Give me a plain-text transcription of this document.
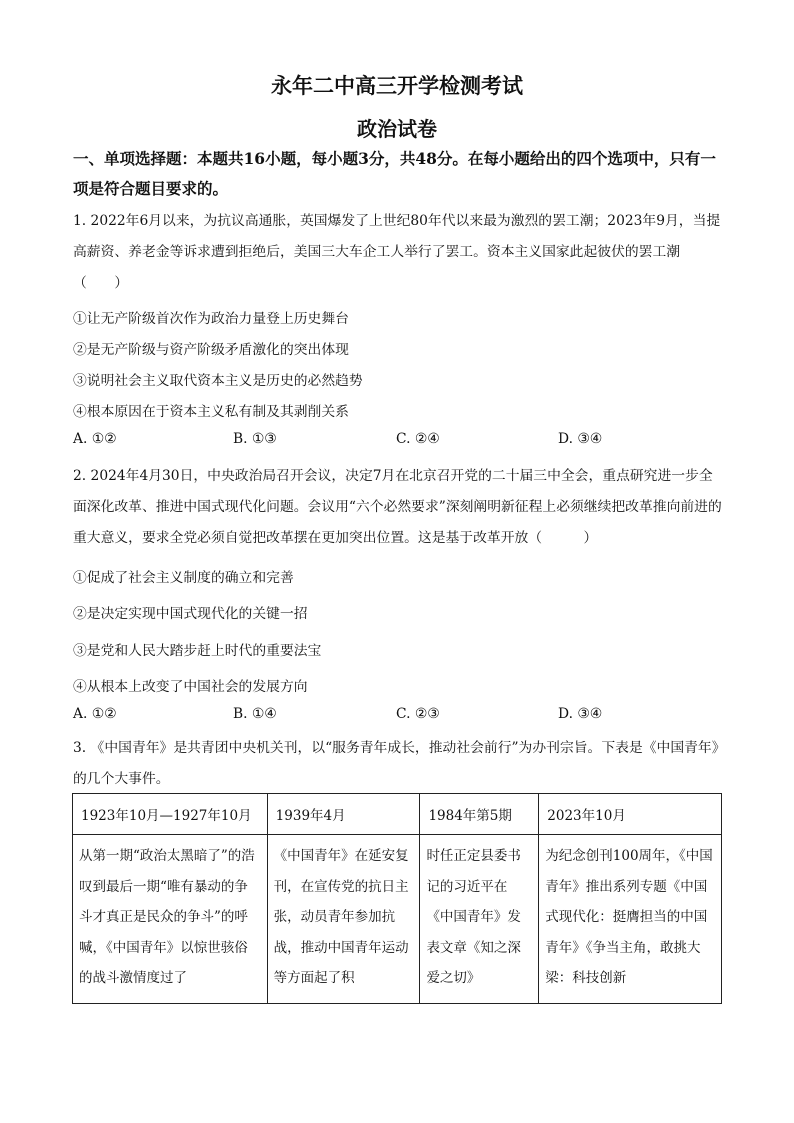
永年二中高三开学检测考试
政治试卷
一、单项选择题：本题共16小题，每小题3分，共48分。在每小题给出的四个选项中，只有一项是符合题目要求的。
1. 2022年6月以来，为抗议高通胀，英国爆发了上世纪80年代以来最为激烈的罢工潮；2023年9月，当提高薪资、养老金等诉求遭到拒绝后，美国三大车企工人举行了罢工。资本主义国家此起彼伏的罢工潮（　　）
①让无产阶级首次作为政治力量登上历史舞台
②是无产阶级与资产阶级矛盾激化的突出体现
③说明社会主义取代资本主义是历史的必然趋势
④根本原因在于资本主义私有制及其剥削关系
A. ①②	B. ①③	C. ②④	D. ③④
2. 2024年4月30日，中央政治局召开会议，决定7月在北京召开党的二十届三中全会，重点研究进一步全面深化改革、推进中国式现代化问题。会议用“六个必然要求”深刻阐明新征程上必须继续把改革推向前进的重大意义，要求全党必须自觉把改革摆在更加突出位置。这是基于改革开放（　　　）
①促成了社会主义制度的确立和完善
②是决定实现中国式现代化的关键一招
③是党和人民大踏步赶上时代的重要法宝
④从根本上改变了中国社会的发展方向
A. ①②	B. ①④	C. ②③	D. ③④
3. 《中国青年》是共青团中央机关刊，以“服务青年成长，推动社会前行”为办刊宗旨。下表是《中国青年》的几个大事件。
1923年10月—1927年10月	1939年4月	1984年第5期	2023年10月

从第一期“政治太黑暗了”的浩叹到最后一期“唯有暴动的争斗才真正是民众的争斗”的呼喊，《中国青年》以惊世骇俗的战斗激情度过了	《中国青年》在延安复刊，在宣传党的抗日主张，动员青年参加抗战，推动中国青年运动等方面起了积	时任正定县委书记的习近平在《中国青年》发表文章《知之深爱之切》	为纪念创刊100周年，《中国青年》推出系列专题《中国式现代化：挺膺担当的中国青年》《争当主角，敢挑大梁：科技创新
